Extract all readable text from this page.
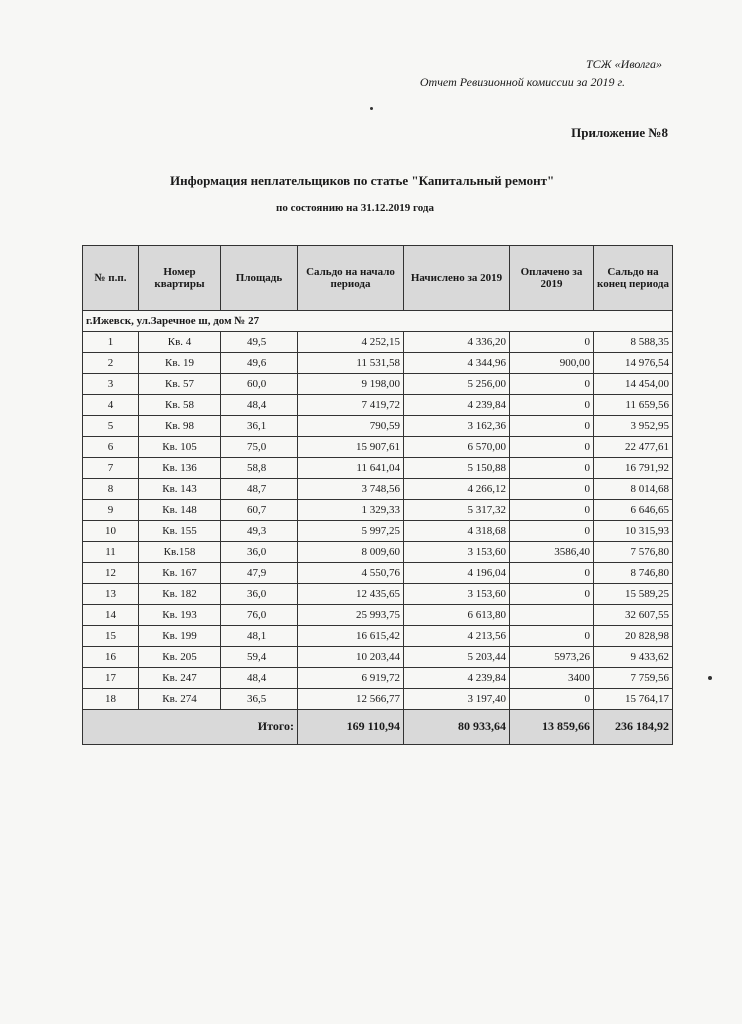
ТСЖ «Иволга»
Отчет Ревизионной комиссии за 2019 г.
Приложение №8
Информация неплательщиков по статье "Капитальный ремонт"
по состоянию на 31.12.2019 года
№ п.п.	Номер квартиры	Площадь	Сальдо на начало периода	Начислено за 2019	Оплачено за 2019	Сальдо на конец периода
г.Ижевск, ул.Заречное ш, дом № 27						
1	Кв. 4	49,5	4 252,15	4 336,20	0	8 588,35
2	Кв. 19	49,6	11 531,58	4 344,96	900,00	14 976,54
3	Кв. 57	60,0	9 198,00	5 256,00	0	14 454,00
4	Кв. 58	48,4	7 419,72	4 239,84	0	11 659,56
5	Кв. 98	36,1	790,59	3 162,36	0	3 952,95
6	Кв. 105	75,0	15 907,61	6 570,00	0	22 477,61
7	Кв. 136	58,8	11 641,04	5 150,88	0	16 791,92
8	Кв. 143	48,7	3 748,56	4 266,12	0	8 014,68
9	Кв. 148	60,7	1 329,33	5 317,32	0	6 646,65
10	Кв. 155	49,3	5 997,25	4 318,68	0	10 315,93
11	Кв.158	36,0	8 009,60	3 153,60	3586,40	7 576,80
12	Кв. 167	47,9	4 550,76	4 196,04	0	8 746,80
13	Кв. 182	36,0	12 435,65	3 153,60	0	15 589,25
14	Кв. 193	76,0	25 993,75	6 613,80		32 607,55
15	Кв. 199	48,1	16 615,42	4 213,56	0	20 828,98
16	Кв. 205	59,4	10 203,44	5 203,44	5973,26	9 433,62
17	Кв. 247	48,4	6 919,72	4 239,84	3400	7 759,56
18	Кв. 274	36,5	12 566,77	3 197,40	0	15 764,17
Итого:			169 110,94	80 933,64	13 859,66	236 184,92
